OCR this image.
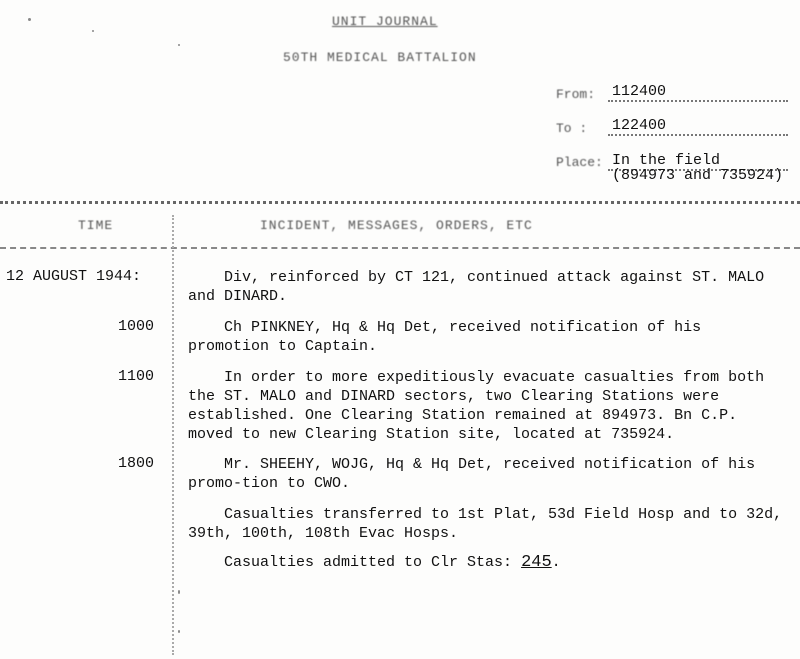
UNIT JOURNAL
50TH MEDICAL BATTALION
From: 112400
To : 122400
Place: In the field
(894973 and 735924)
TIME	INCIDENT, MESSAGES, ORDERS, ETC
12 AUGUST 1944:	Div, reinforced by CT 121, continued attack against ST. MALO and DINARD.
1000	Ch PINKNEY, Hq & Hq Det, received notification of his promotion to Captain.
1100	In order to more expeditiously evacuate casualties from both the ST. MALO and DINARD sectors, two Clearing Stations were established. One Clearing Station remained at 894973. Bn C.P. moved to new Clearing Station site, located at 735924.
1800	Mr. SHEEHY, WOJG, Hq & Hq Det, received notification of his promo-tion to CWO.
Casualties transferred to 1st Plat, 53d Field Hosp and to 32d, 39th, 100th, 108th Evac Hosps.
Casualties admitted to Clr Stas: 245.
